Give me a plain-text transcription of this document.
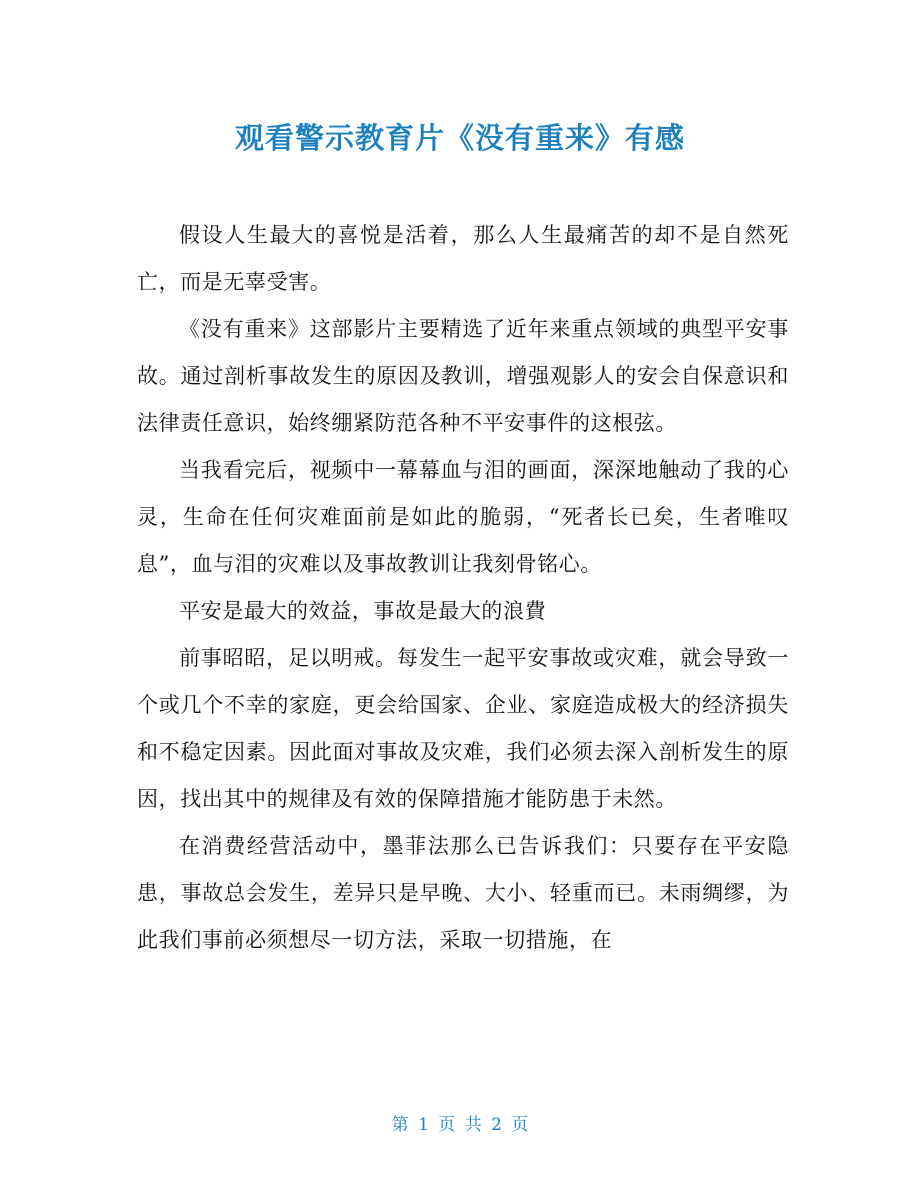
观看警示教育片《没有重来》有感

假设人生最大的喜悦是活着，那么人生最痛苦的却不是自然死亡，而是无辜受害。

《没有重来》这部影片主要精选了近年来重点领域的典型平安事故。通过剖析事故发生的原因及教训，增强观影人的安会自保意识和法律责任意识，始终绷紧防范各种不平安事件的这根弦。

当我看完后，视频中一幕幕血与泪的画面，深深地触动了我的心灵，生命在任何灾难面前是如此的脆弱，“死者长已矣，生者唯叹息”，血与泪的灾难以及事故教训让我刻骨铭心。

平安是最大的效益，事故是最大的浪費

前事昭昭，足以明戒。每发生一起平安事故或灾难，就会导致一个或几个不幸的家庭，更会给国家、企业、家庭造成极大的经济损失和不稳定因素。因此面对事故及灾难，我们必须去深入剖析发生的原因，找出其中的规律及有效的保障措施才能防患于未然。

在消费经营活动中，墨菲法那么已告诉我们：只要存在平安隐患，事故总会发生，差异只是早晚、大小、轻重而已。未雨绸缪，为此我们事前必须想尽一切方法，采取一切措施，在

第 1 页 共 2 页
